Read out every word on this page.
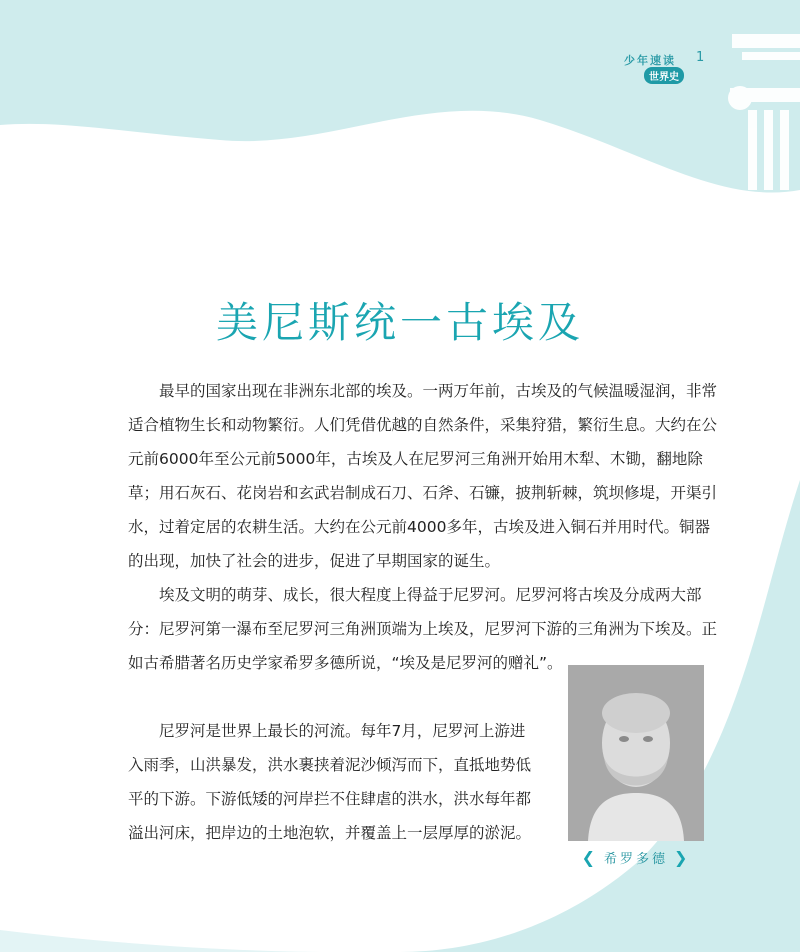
少年速读 1
世界史
美尼斯统一古埃及

最早的国家出现在非洲东北部的埃及。一两万年前，古埃及的气候温暖湿润，非常适合植物生长和动物繁衍。人们凭借优越的自然条件，采集狩猎，繁衍生息。大约在公元前6000年至公元前5000年，古埃及人在尼罗河三角洲开始用木犁、木锄，翻地除草；用石灰石、花岗岩和玄武岩制成石刀、石斧、石镰，披荆斩棘，筑坝修堤，开渠引水，过着定居的农耕生活。大约在公元前4000多年，古埃及进入铜石并用时代。铜器的出现，加快了社会的进步，促进了早期国家的诞生。

埃及文明的萌芽、成长，很大程度上得益于尼罗河。尼罗河将古埃及分成两大部分：尼罗河第一瀑布至尼罗河三角洲顶端为上埃及，尼罗河下游的三角洲为下埃及。正如古希腊著名历史学家希罗多德所说，“埃及是尼罗河的赠礼”。

尼罗河是世界上最长的河流。每年7月，尼罗河上游进入雨季，山洪暴发，洪水裹挟着泥沙倾泻而下，直抵地势低平的下游。下游低矮的河岸拦不住肆虐的洪水，洪水每年都溢出河床，把岸边的土地泡软，并覆盖上一层厚厚的淤泥。

❮ 希罗多德 ❯
